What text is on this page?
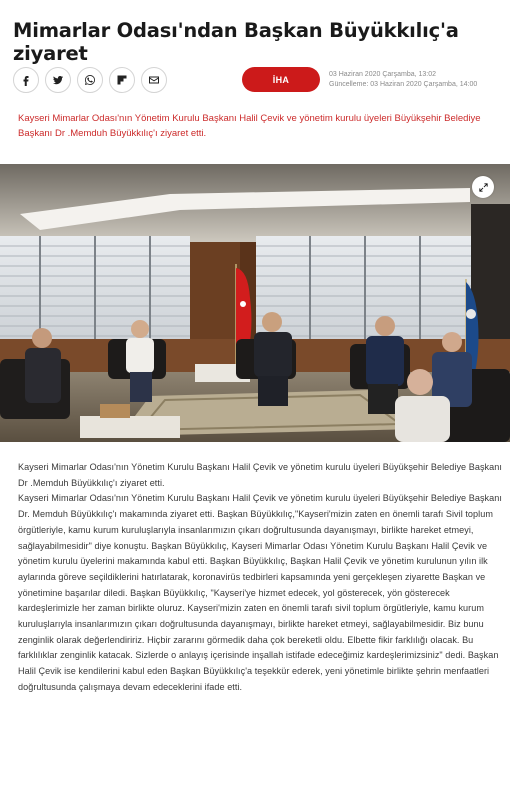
Mimarlar Odası'ndan Başkan Büyükkılıç'a ziyaret
İHA	03 Haziran 2020 Çarşamba, 13:02
Güncelleme: 03 Haziran 2020 Çarşamba, 14:00
Kayseri Mimarlar Odası'nın Yönetim Kurulu Başkanı Halil Çevik ve yönetim kurulu üyeleri Büyükşehir Belediye Başkanı Dr .Memduh Büyükkılıç'ı ziyaret etti.

Kayseri Mimarlar Odası'nın Yönetim Kurulu Başkanı Halil Çevik ve yönetim kurulu üyeleri Büyükşehir Belediye Başkanı Dr .Memduh Büyükkılıç'ı ziyaret etti.

Kayseri Mimarlar Odası'nın Yönetim Kurulu Başkanı Halil Çevik ve yönetim kurulu üyeleri Büyükşehir Belediye Başkanı Dr. Memduh Büyükkılıç'ı makamında ziyaret etti. Başkan Büyükkılıç,"Kayseri'mizin zaten en önemli tarafı Sivil toplum örgütleriyle, kamu kurum kuruluşlarıyla insanlarımızın çıkarı doğrultusunda dayanışmayı, birlikte hareket etmeyi, sağlayabilmesidir" diye konuştu. Başkan Büyükkılıç, Kayseri Mimarlar Odası Yönetim Kurulu Başkanı Halil Çevik ve yönetim kurulu üyelerini makamında kabul etti. Başkan Büyükkılıç, Başkan Halil Çevik ve yönetim kurulunun yılın ilk aylarında göreve seçildiklerini hatırlatarak, koronavirüs tedbirleri kapsamında yeni gerçekleşen ziyarette Başkan ve yönetimine başarılar diledi. Başkan Büyükkılıç, "Kayseri'ye hizmet edecek, yol gösterecek, yön gösterecek kardeşlerimizle her zaman birlikte oluruz. Kayseri'mizin zaten en önemli tarafı sivil toplum örgütleriyle, kamu kurum kuruluşlarıyla insanlarımızın çıkarı doğrultusunda dayanışmayı, birlikte hareket etmeyi, sağlayabilmesidir. Biz bunu zenginlik olarak değerlendiririz. Hiçbir zararını görmedik daha çok bereketli oldu. Elbette fikir farklılığı olacak. Bu farklılıklar zenginlik katacak. Sizlerde o anlayış içerisinde inşallah istifade edeceğimiz kardeşlerimizsiniz" dedi. Başkan Halil Çevik ise kendilerini kabul eden Başkan Büyükkılıç'a teşekkür ederek, yeni yönetimle birlikte şehrin menfaatleri doğrultusunda çalışmaya devam edeceklerini ifade etti.
